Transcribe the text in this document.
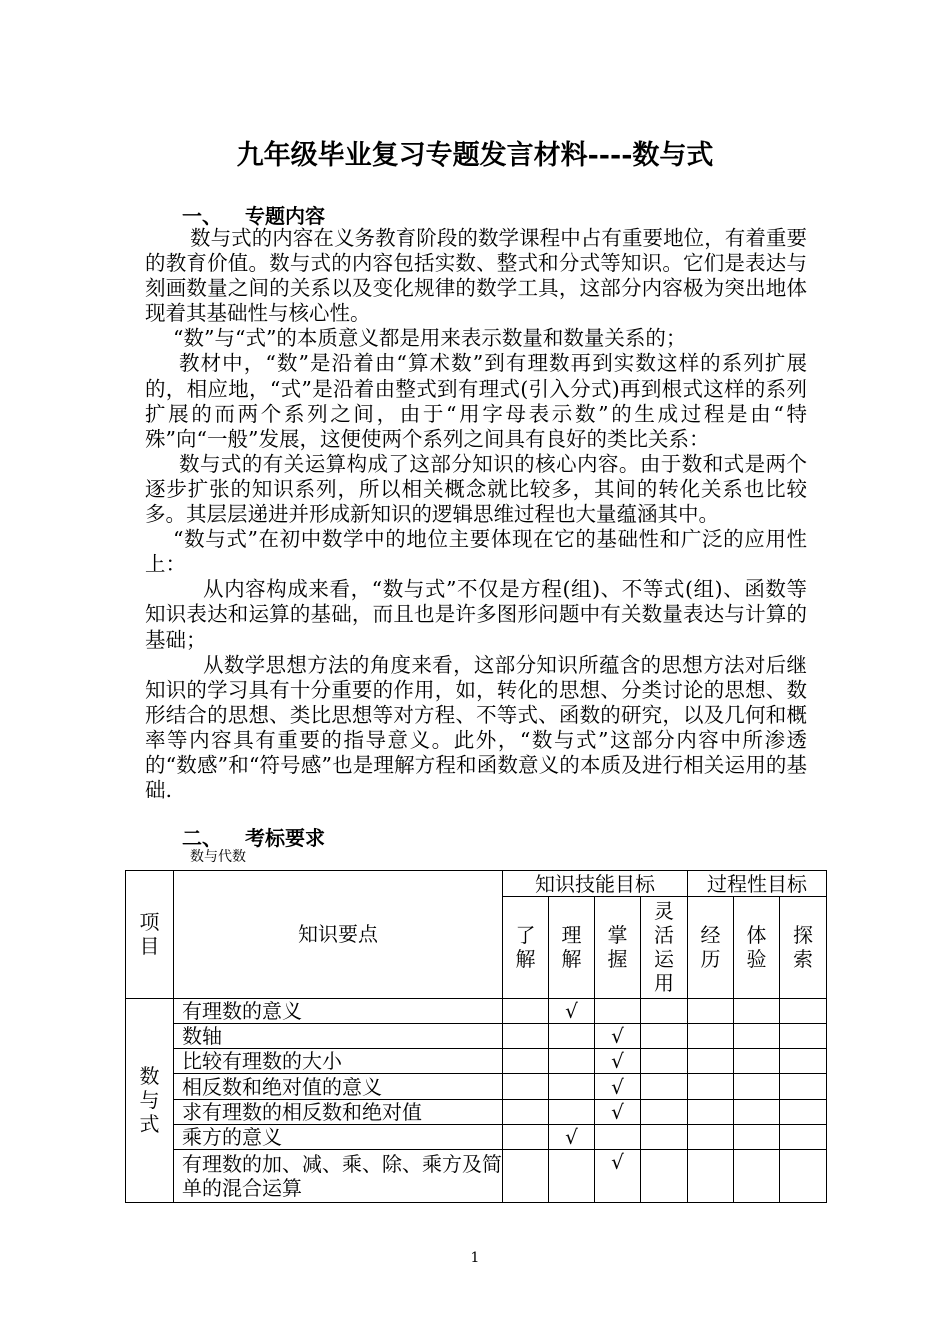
九年级毕业复习专题发言材料----数与式
一、 专题内容

数与式的内容在义务教育阶段的数学课程中占有重要地位，有着重要的教育价值。数与式的内容包括实数、整式和分式等知识。它们是表达与刻画数量之间的关系以及变化规律的数学工具，这部分内容极为突出地体现着其基础性与核心性。

“数”与“式”的本质意义都是用来表示数量和数量关系的；

教材中，“数”是沿着由“算术数”到有理数再到实数这样的系列扩展的，相应地，“式”是沿着由整式到有理式(引入分式)再到根式这样的系列扩展的而两个系列之间，由于“用字母表示数”的生成过程是由“特殊”向“一般”发展，这便使两个系列之间具有良好的类比关系：

数与式的有关运算构成了这部分知识的核心内容。由于数和式是两个逐步扩张的知识系列，所以相关概念就比较多，其间的转化关系也比较多。其层层递进并形成新知识的逻辑思维过程也大量蕴涵其中。

“数与式”在初中数学中的地位主要体现在它的基础性和广泛的应用性上：

从内容构成来看，“数与式”不仅是方程(组)、不等式(组)、函数等知识表达和运算的基础，而且也是许多图形问题中有关数量表达与计算的基础；

从数学思想方法的角度来看，这部分知识所蕴含的思想方法对后继知识的学习具有十分重要的作用，如，转化的思想、分类讨论的思想、数形结合的思想、类比思想等对方程、不等式、函数的研究，以及几何和概率等内容具有重要的指导意义。此外，“数与式”这部分内容中所渗透的“数感”和“符号感”也是理解方程和函数意义的本质及进行相关运用的基础.

二、 考标要求
数与代数
项目	知识要点	知识技能目标				过程性目标		
		了解	理解	掌握	灵活运用	经历	体验	探索
数与式	有理数的意义		√					
	数轴			√				
	比较有理数的大小			√				
	相反数和绝对值的意义			√				
	求有理数的相反数和绝对值			√				
	乘方的意义		√					
	有理数的加、减、乘、除、乘方及简单的混合运算			√				
1
